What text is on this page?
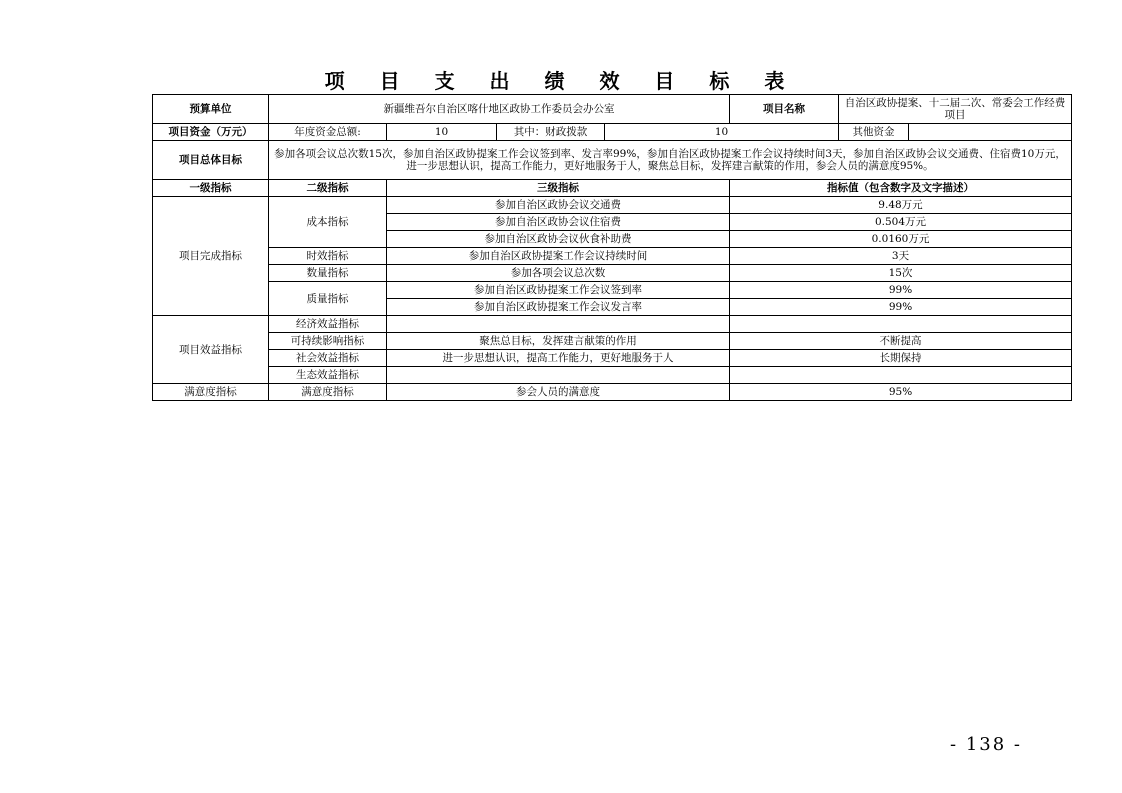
项 目 支 出 绩 效 目 标 表
预算单位	新疆维吾尔自治区喀什地区政协工作委员会办公室				项目名称	自治区政协提案、十二届二次、常委会工作经费项目	
项目资金（万元）	年度资金总额:	10	其中：财政拨款	10		其他资金	
项目总体目标	参加各项会议总次数15次，参加自治区政协提案工作会议签到率、发言率99%，参加自治区政协提案工作会议持续时间3天，参加自治区政协会议交通费、住宿费10万元，进一步思想认识，提高工作能力，更好地服务于人，聚焦总目标，发挥建言献策的作用，参会人员的满意度95%。						
一级指标	二级指标	三级指标			指标值（包含数字及文字描述）		
项目完成指标	成本指标	参加自治区政协会议交通费			9.48万元		
		参加自治区政协会议住宿费			0.504万元		
		参加自治区政协会议伙食补助费			0.0160万元		
	时效指标	参加自治区政协提案工作会议持续时间			3天		
	数量指标	参加各项会议总次数			15次		
	质量指标	参加自治区政协提案工作会议签到率			99%		
		参加自治区政协提案工作会议发言率			99%		
项目效益指标	经济效益指标						
	可持续影响指标	聚焦总目标，发挥建言献策的作用			不断提高		
	社会效益指标	进一步思想认识，提高工作能力，更好地服务于人			长期保持		
	生态效益指标						
满意度指标	满意度指标	参会人员的满意度			95%		
- 138 -
